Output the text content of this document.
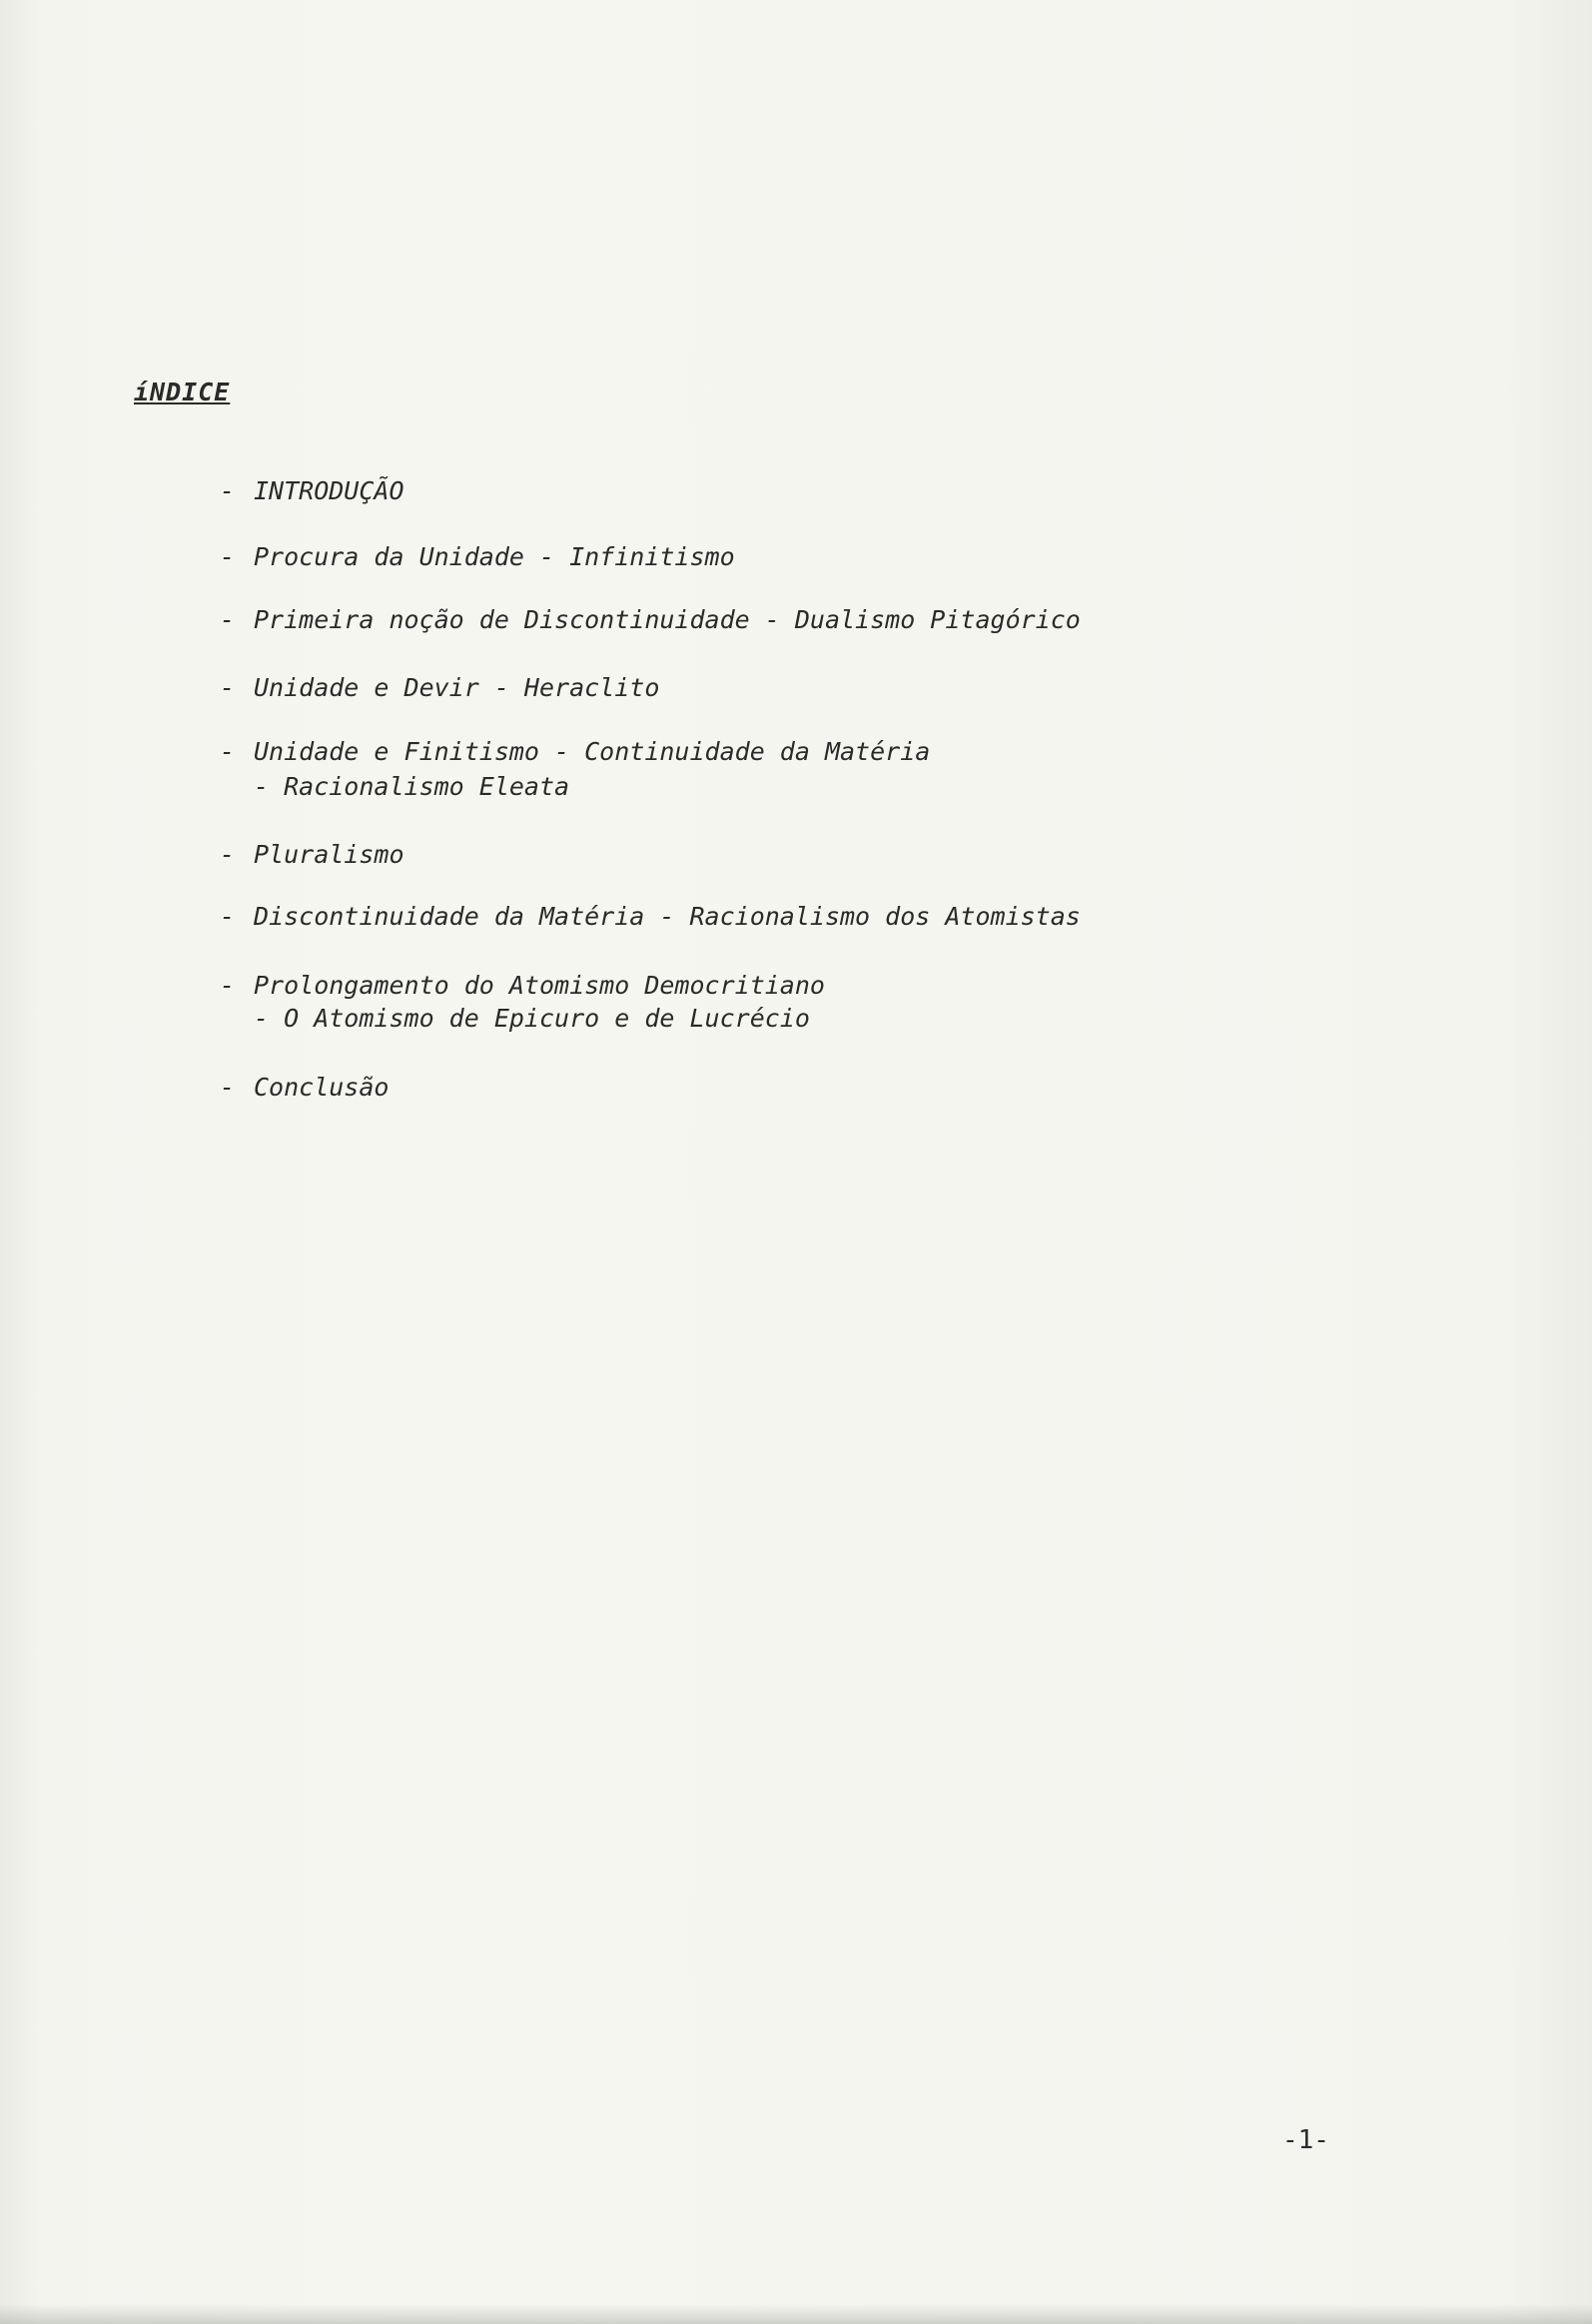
íNDICE
- INTRODUÇÃO
- Procura da Unidade - Infinitismo
- Primeira noção de Discontinuidade - Dualismo Pitagórico
- Unidade e Devir - Heraclito
- Unidade e Finitismo - Continuidade da Matéria
- Racionalismo Eleata
- Pluralismo
- Discontinuidade da Matéria - Racionalismo dos Atomistas
- Prolongamento do Atomismo Democritiano
- O Atomismo de Epicuro e de Lucrécio
- Conclusão
-1-
